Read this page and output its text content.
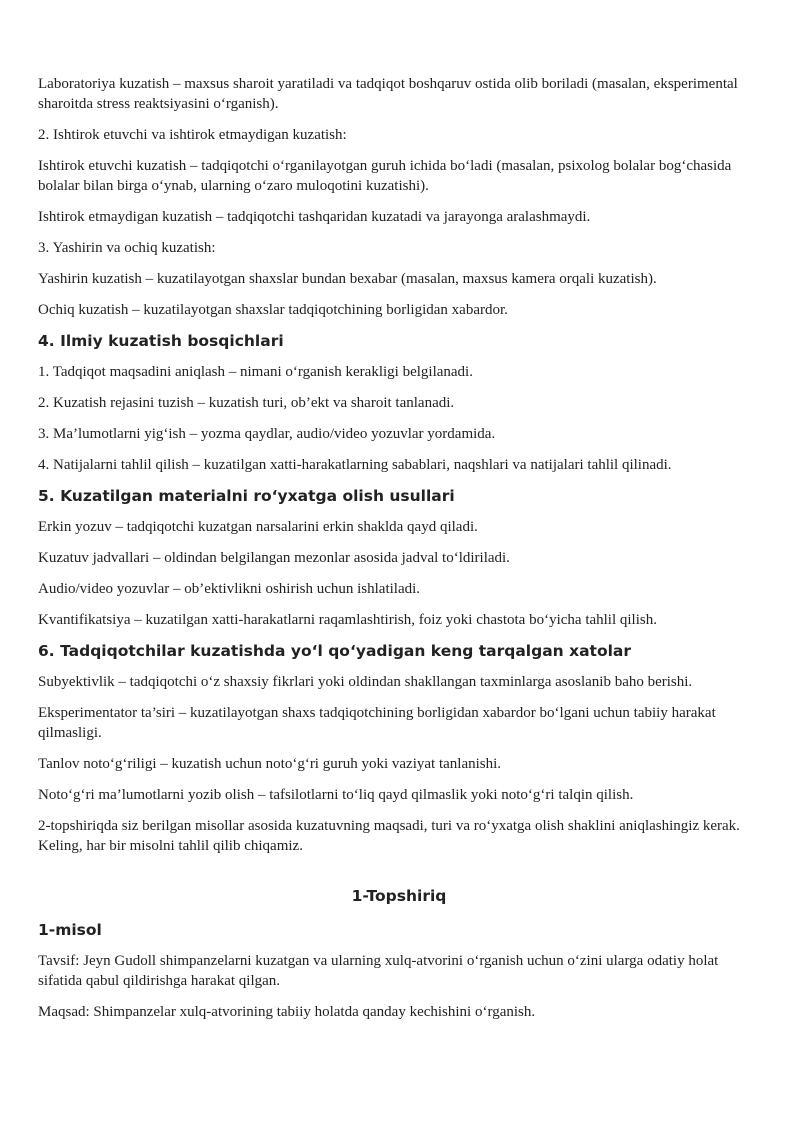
Laboratoriya kuzatish – maxsus sharoit yaratiladi va tadqiqot boshqaruv ostida olib boriladi (masalan, eksperimental sharoitda stress reaktsiyasini o‘rganish).

2. Ishtirok etuvchi va ishtirok etmaydigan kuzatish:

Ishtirok etuvchi kuzatish – tadqiqotchi o‘rganilayotgan guruh ichida bo‘ladi (masalan, psixolog bolalar bog‘chasida bolalar bilan birga o‘ynab, ularning o‘zaro muloqotini kuzatishi).

Ishtirok etmaydigan kuzatish – tadqiqotchi tashqaridan kuzatadi va jarayonga aralashmaydi.

3. Yashirin va ochiq kuzatish:

Yashirin kuzatish – kuzatilayotgan shaxslar bundan bexabar (masalan, maxsus kamera orqali kuzatish).

Ochiq kuzatish – kuzatilayotgan shaxslar tadqiqotchining borligidan xabardor.

4. Ilmiy kuzatish bosqichlari

1. Tadqiqot maqsadini aniqlash – nimani o‘rganish kerakligi belgilanadi.

2. Kuzatish rejasini tuzish – kuzatish turi, ob’ekt va sharoit tanlanadi.

3. Ma’lumotlarni yig‘ish – yozma qaydlar, audio/video yozuvlar yordamida.

4. Natijalarni tahlil qilish – kuzatilgan xatti-harakatlarning sabablari, naqshlari va natijalari tahlil qilinadi.

5. Kuzatilgan materialni ro‘yxatga olish usullari

Erkin yozuv – tadqiqotchi kuzatgan narsalarini erkin shaklda qayd qiladi.

Kuzatuv jadvallari – oldindan belgilangan mezonlar asosida jadval to‘ldiriladi.

Audio/video yozuvlar – ob’ektivlikni oshirish uchun ishlatiladi.

Kvantifikatsiya – kuzatilgan xatti-harakatlarni raqamlashtirish, foiz yoki chastota bo‘yicha tahlil qilish.

6. Tadqiqotchilar kuzatishda yo‘l qo‘yadigan keng tarqalgan xatolar

Subyektivlik – tadqiqotchi o‘z shaxsiy fikrlari yoki oldindan shakllangan taxminlarga asoslanib baho berishi.

Eksperimentator ta’siri – kuzatilayotgan shaxs tadqiqotchining borligidan xabardor bo‘lgani uchun tabiiy harakat qilmasligi.

Tanlov noto‘g‘riligi – kuzatish uchun noto‘g‘ri guruh yoki vaziyat tanlanishi.

Noto‘g‘ri ma’lumotlarni yozib olish – tafsilotlarni to‘liq qayd qilmaslik yoki noto‘g‘ri talqin qilish.

2-topshiriqda siz berilgan misollar asosida kuzatuvning maqsadi, turi va ro‘yxatga olish shaklini aniqlashingiz kerak. Keling, har bir misolni tahlil qilib chiqamiz.

1-Topshiriq
1-misol

Tavsif: Jeyn Gudoll shimpanzelarni kuzatgan va ularning xulq-atvorini o‘rganish uchun o‘zini ularga odatiy holat sifatida qabul qildirishga harakat qilgan.

Maqsad: Shimpanzelar xulq-atvorining tabiiy holatda qanday kechishini o‘rganish.
